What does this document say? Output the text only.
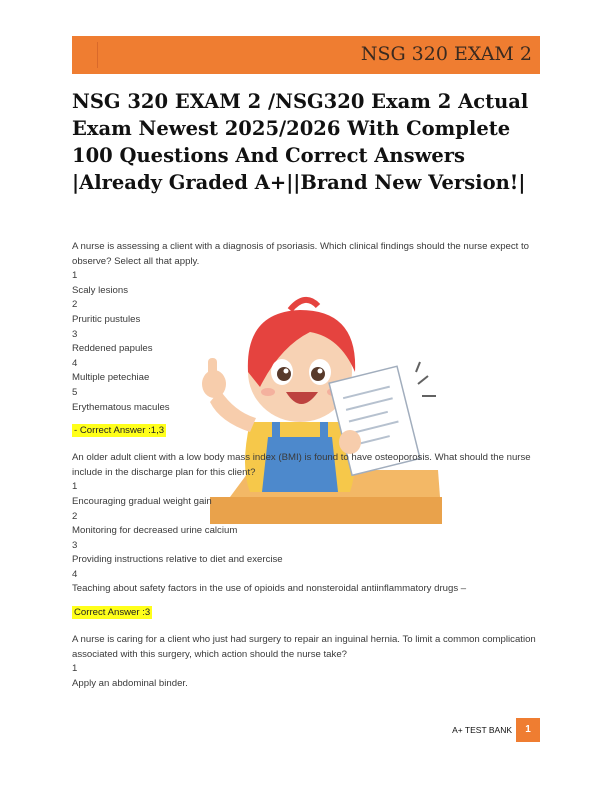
NSG 320 EXAM 2
NSG 320 EXAM 2 /NSG320 Exam 2 Actual Exam Newest 2025/2026 With Complete 100 Questions And Correct Answers |Already Graded A+||Brand New Version!|
A nurse is assessing a client with a diagnosis of psoriasis. Which clinical findings should the nurse expect to observe? Select all that apply.
1
Scaly lesions
2
Pruritic pustules
3
Reddened papules
4
Multiple petechiae
5
Erythematous macules
- Correct Answer :1,3
An older adult client with a low body mass index (BMI) is found to have osteoporosis. What should the nurse include in the discharge plan for this client?
1
Encouraging gradual weight gain
2
Monitoring for decreased urine calcium
3
Providing instructions relative to diet and exercise
4
Teaching about safety factors in the use of opioids and nonsteroidal antiinflammatory drugs –
Correct Answer :3
A nurse is caring for a client who just had surgery to repair an inguinal hernia. To limit a common complication associated with this surgery, which action should the nurse take?
1
Apply an abdominal binder.
A+ TEST BANK	1
